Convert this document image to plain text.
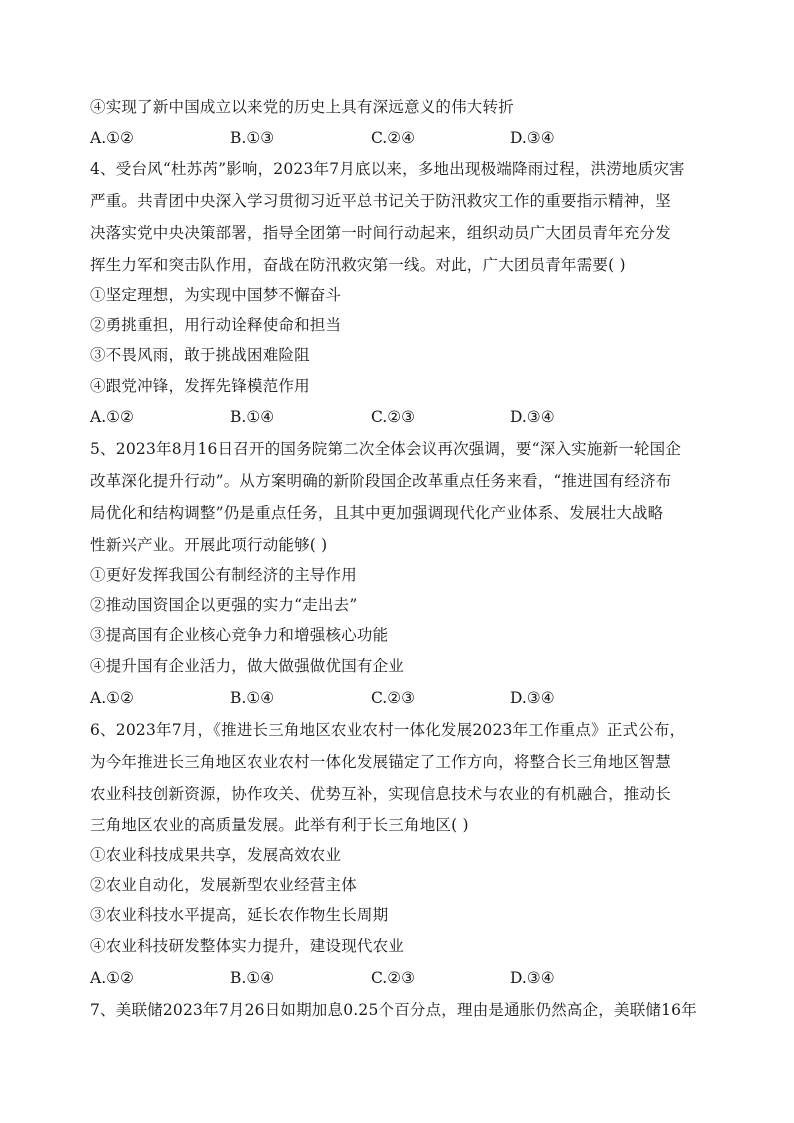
④实现了新中国成立以来党的历史上具有深远意义的伟大转折
A.①②	B.①③	C.②④	D.③④
4、受台风“杜苏芮”影响，2023年7月底以来，多地出现极端降雨过程，洪涝地质灾害
严重。共青团中央深入学习贯彻习近平总书记关于防汛救灾工作的重要指示精神，坚
决落实党中央决策部署，指导全团第一时间行动起来，组织动员广大团员青年充分发
挥生力军和突击队作用，奋战在防汛救灾第一线。对此，广大团员青年需要( )
①坚定理想，为实现中国梦不懈奋斗
②勇挑重担，用行动诠释使命和担当
③不畏风雨，敢于挑战困难险阻
④跟党冲锋，发挥先锋模范作用
A.①②	B.①④	C.②③	D.③④
5、2023年8月16日召开的国务院第二次全体会议再次强调，要“深入实施新一轮国企
改革深化提升行动”。从方案明确的新阶段国企改革重点任务来看，“推进国有经济布
局优化和结构调整”仍是重点任务，且其中更加强调现代化产业体系、发展壮大战略
性新兴产业。开展此项行动能够( )
①更好发挥我国公有制经济的主导作用
②推动国资国企以更强的实力“走出去”
③提高国有企业核心竞争力和增强核心功能
④提升国有企业活力，做大做强做优国有企业
A.①②	B.①④	C.②③	D.③④
6、2023年7月，《推进长三角地区农业农村一体化发展2023年工作重点》正式公布，
为今年推进长三角地区农业农村一体化发展锚定了工作方向，将整合长三角地区智慧
农业科技创新资源，协作攻关、优势互补，实现信息技术与农业的有机融合，推动长
三角地区农业的高质量发展。此举有利于长三角地区( )
①农业科技成果共享，发展高效农业
②农业自动化，发展新型农业经营主体
③农业科技水平提高，延长农作物生长周期
④农业科技研发整体实力提升，建设现代农业
A.①②	B.①④	C.②③	D.③④
7、美联储2023年7月26日如期加息0.25个百分点，理由是通胀仍然高企，美联储16年
